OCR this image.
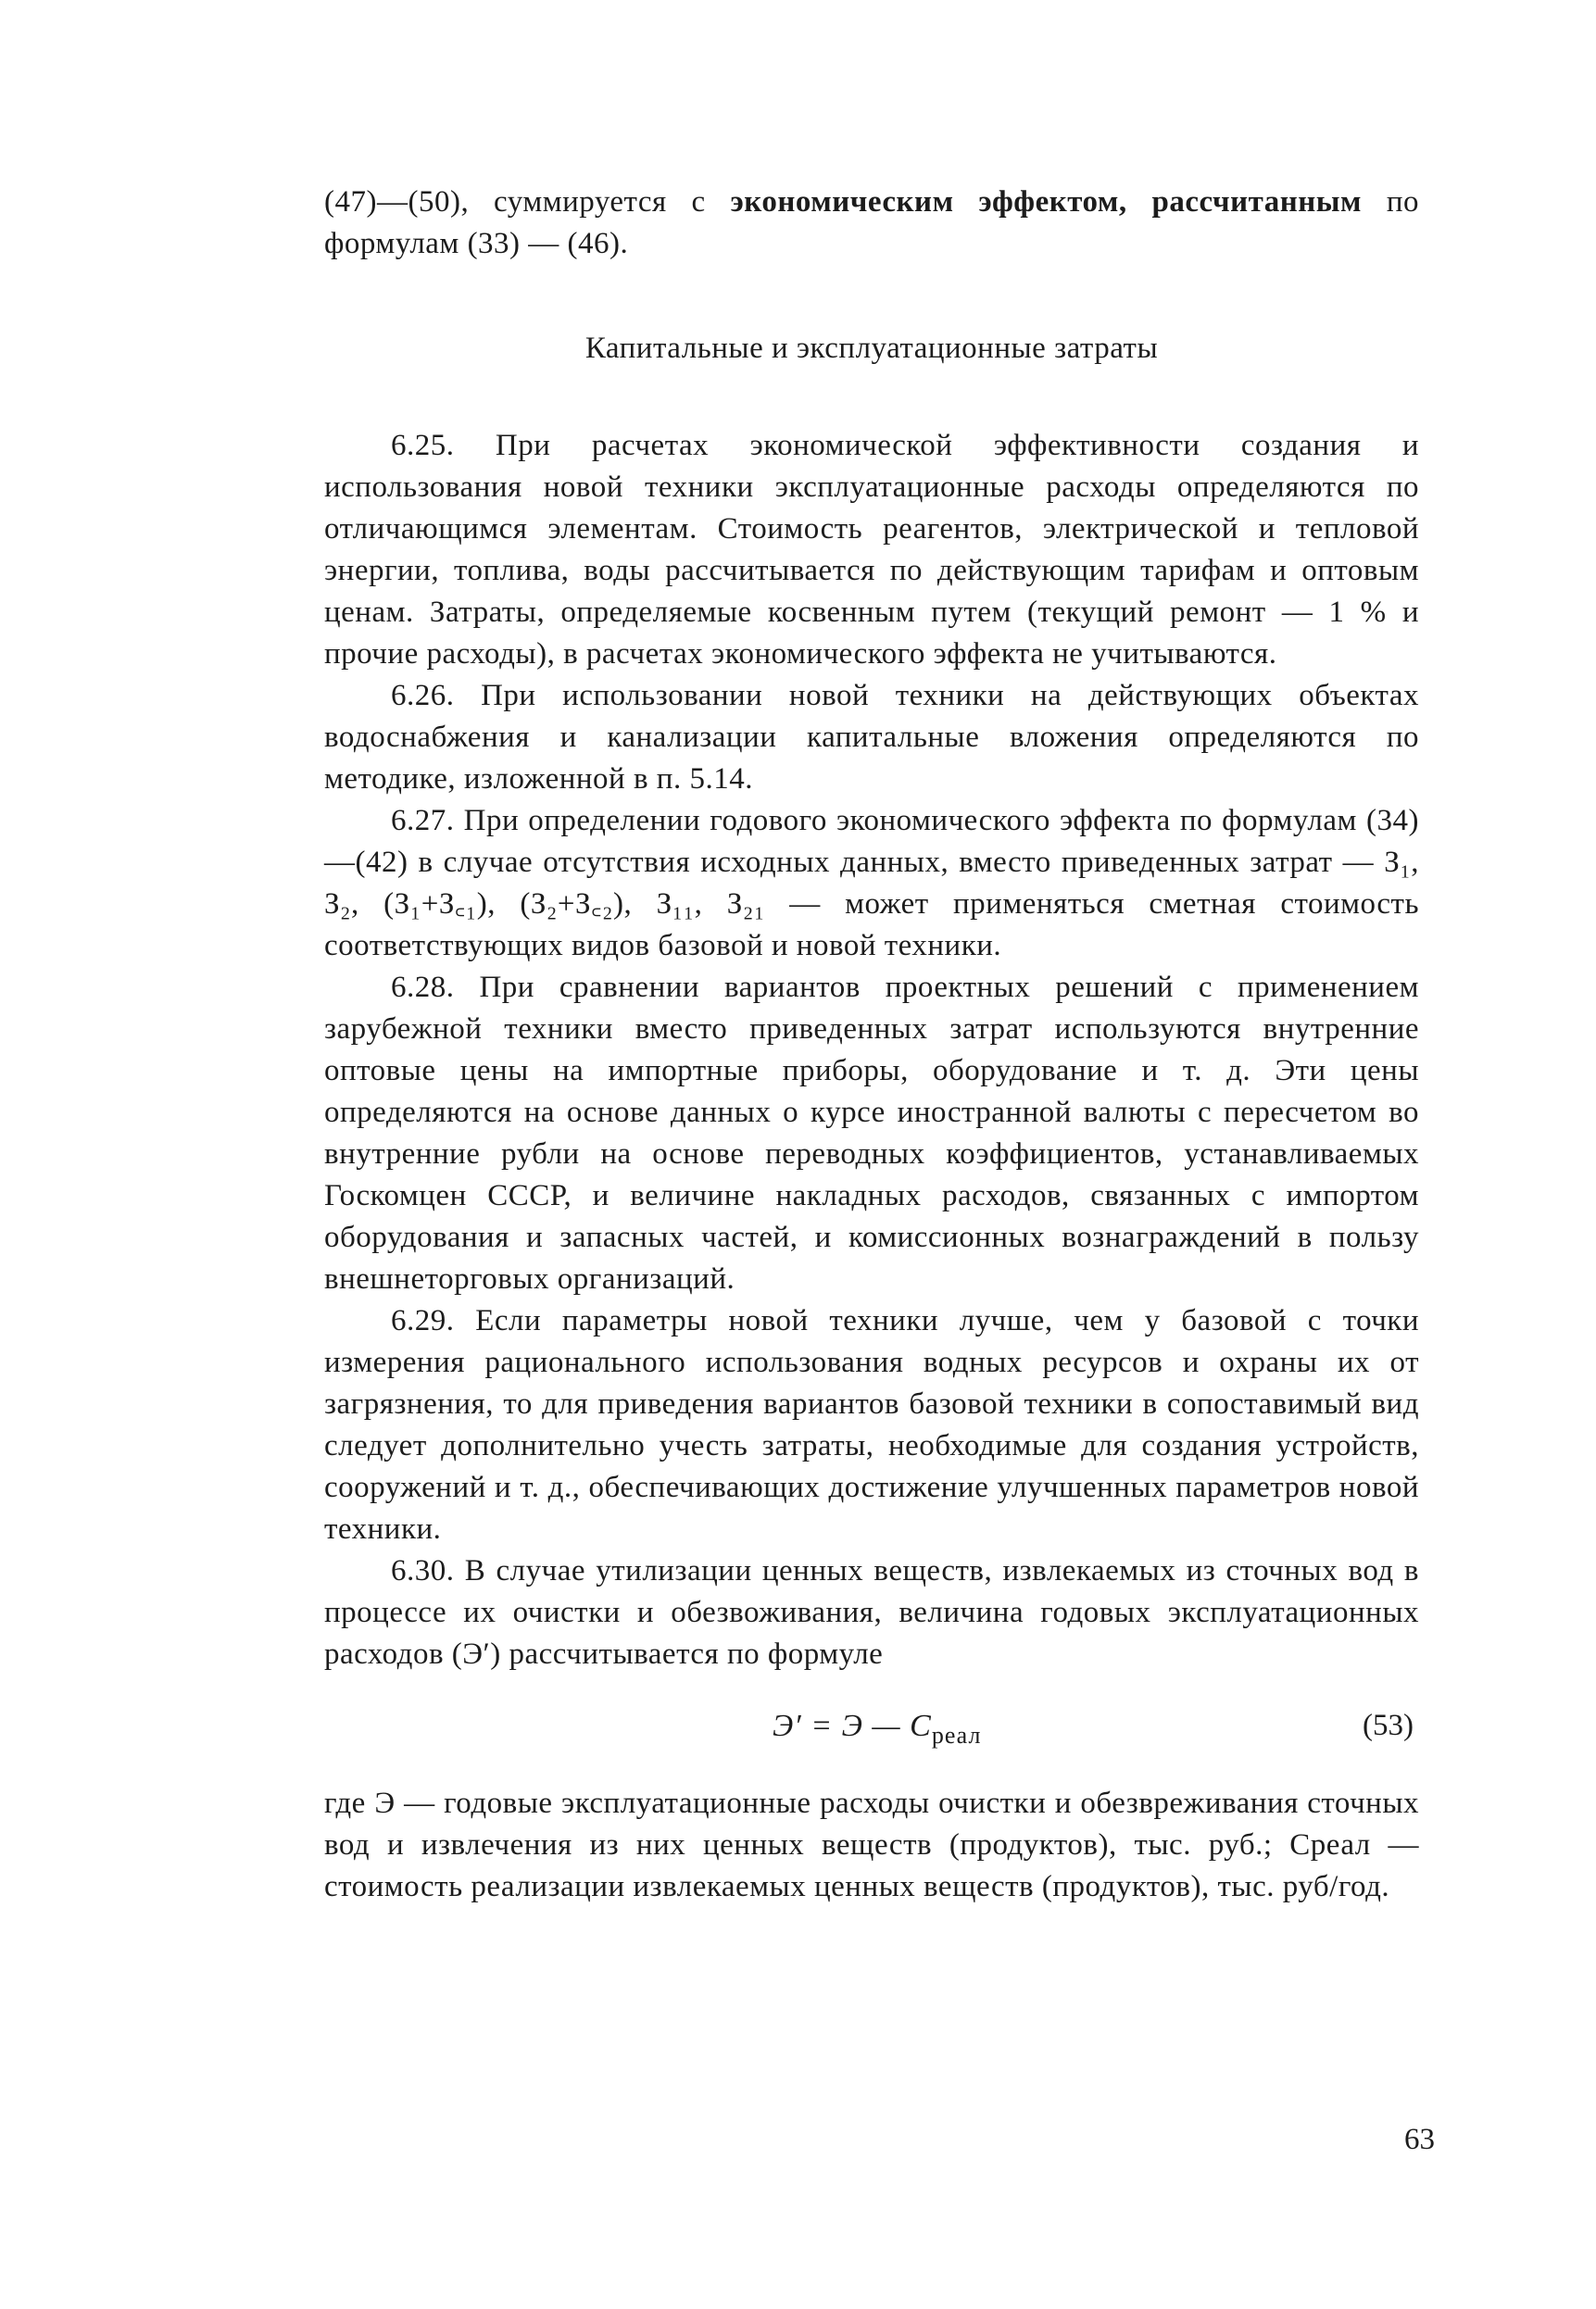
(47)—(50), суммируется с экономическим эффектом, рассчитанным по формулам (33) — (46).

Капитальные и эксплуатационные затраты

6.25. При расчетах экономической эффективности создания и использования новой техники эксплуатационные расходы определяются по отличающимся элементам. Стоимость реагентов, электрической и тепловой энергии, топлива, воды рассчитывается по действующим тарифам и оптовым ценам. Затраты, определяемые косвенным путем (текущий ремонт — 1 % и прочие расходы), в расчетах экономического эффекта не учитываются.

6.26. При использовании новой техники на действующих объектах водоснабжения и канализации капитальные вложения определяются по методике, изложенной в п. 5.14.

6.27. При определении годового экономического эффекта по формулам (34)—(42) в случае отсутствия исходных данных, вместо приведенных затрат — З₁, З₂, (З₁+З꜀₁), (З₂+З꜀₂), З₁₁, З₂₁ — может применяться сметная стоимость соответствующих видов базовой и новой техники.

6.28. При сравнении вариантов проектных решений с применением зарубежной техники вместо приведенных затрат используются внутренние оптовые цены на импортные приборы, оборудование и т. д. Эти цены определяются на основе данных о курсе иностранной валюты с пересчетом во внутренние рубли на основе переводных коэффициентов, устанавливаемых Госкомцен СССР, и величине накладных расходов, связанных с импортом оборудования и запасных частей, и комиссионных вознаграждений в пользу внешнеторговых организаций.

6.29. Если параметры новой техники лучше, чем у базовой с точки измерения рационального использования водных ресурсов и охраны их от загрязнения, то для приведения вариантов базовой техники в сопоставимый вид следует дополнительно учесть затраты, необходимые для создания устройств, сооружений и т. д., обеспечивающих достижение улучшенных параметров новой техники.

6.30. В случае утилизации ценных веществ, извлекаемых из сточных вод в процессе их очистки и обезвоживания, величина годовых эксплуатационных расходов (Э′) рассчитывается по формуле

Э′ = Э — $C_{реал}$	(53)

где Э — годовые эксплуатационные расходы очистки и обезвреживания сточных вод и извлечения из них ценных веществ (продуктов), тыс. руб.; Cреал — стоимость реализации извлекаемых ценных веществ (продуктов), тыс. руб/год.

63
